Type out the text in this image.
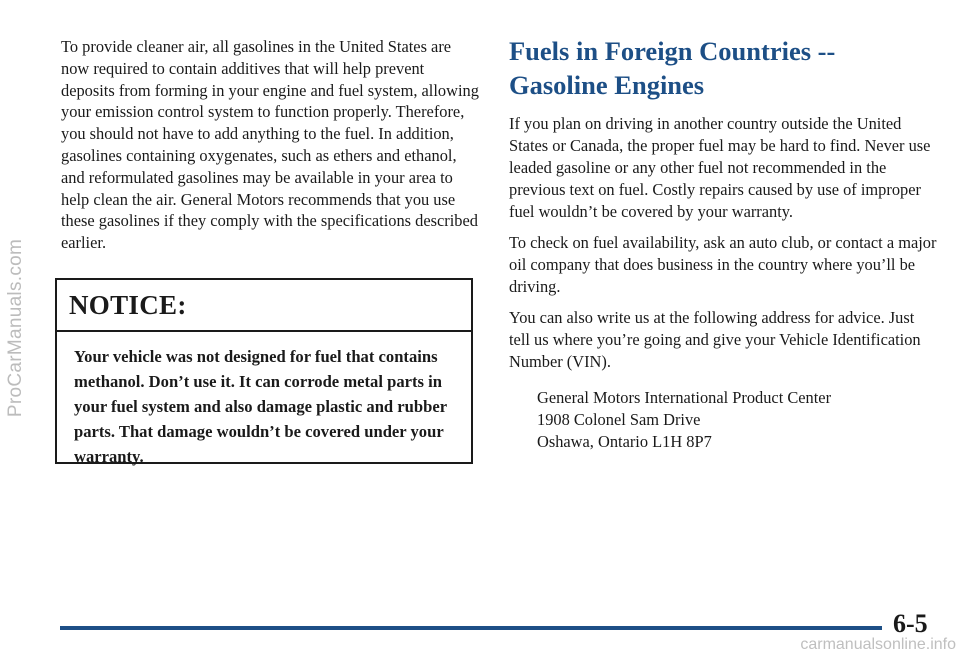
ProCarManuals.com

To provide cleaner air, all gasolines in the United States are now required to contain additives that will help prevent deposits from forming in your engine and fuel system, allowing your emission control system to function properly. Therefore, you should not have to add anything to the fuel. In addition, gasolines containing oxygenates, such as ethers and ethanol, and reformulated gasolines may be available in your area to help clean the air. General Motors recommends that you use these gasolines if they comply with the specifications described earlier.

NOTICE:

Your vehicle was not designed for fuel that contains methanol. Don’t use it. It can corrode metal parts in your fuel system and also damage plastic and rubber parts. That damage wouldn’t be covered under your warranty.

Fuels in Foreign Countries -- Gasoline Engines

If you plan on driving in another country outside the United States or Canada, the proper fuel may be hard to find. Never use leaded gasoline or any other fuel not recommended in the previous text on fuel. Costly repairs caused by use of improper fuel wouldn’t be covered by your warranty.

To check on fuel availability, ask an auto club, or contact a major oil company that does business in the country where you’ll be driving.

You can also write us at the following address for advice. Just tell us where you’re going and give your Vehicle Identification Number (VIN).

General Motors International Product Center
1908 Colonel Sam Drive
Oshawa, Ontario L1H 8P7
6-5
carmanualsonline.info
